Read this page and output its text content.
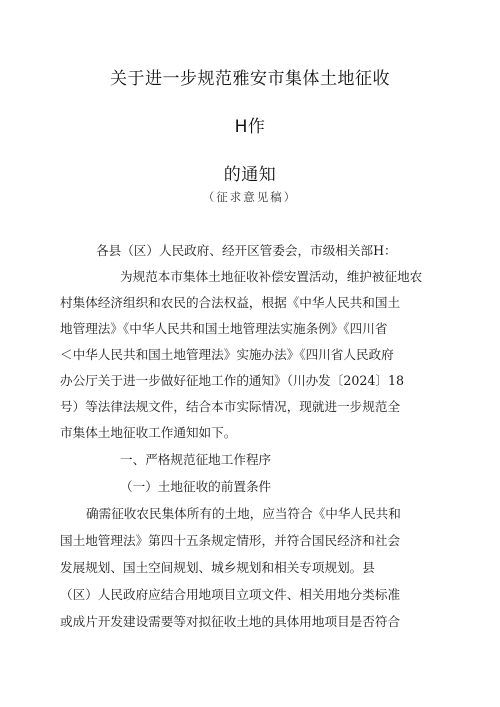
关于进一步规范雅安市集体土地征收
H作
的通知
（征求意见稿）
各县（区）人民政府、经开区管委会，市级相关部H：
为规范本市集体土地征收补偿安置活动，维护被征地农
村集体经济组织和农民的合法权益，根据《中华人民共和国土
地管理法》《中华人民共和国土地管理法实施条例》《四川省
＜中华人民共和国土地管理法》实施办法》《四川省人民政府
办公厅关于进一步做好征地工作的通知》（川办发〔2024〕18
号）等法律法规文件，结合本市实际情况，现就进一步规范全
市集体土地征收工作通知如下。
一、严格规范征地工作程序
（一）土地征收的前置条件
确需征收农民集体所有的土地，应当符合《中华人民共和
国土地管理法》第四十五条规定情形，并符合国民经济和社会
发展规划、国土空间规划、城乡规划和相关专项规划。县
（区）人民政府应结合用地项目立项文件、相关用地分类标准
或成片开发建设需要等对拟征收土地的具体用地项目是否符合
